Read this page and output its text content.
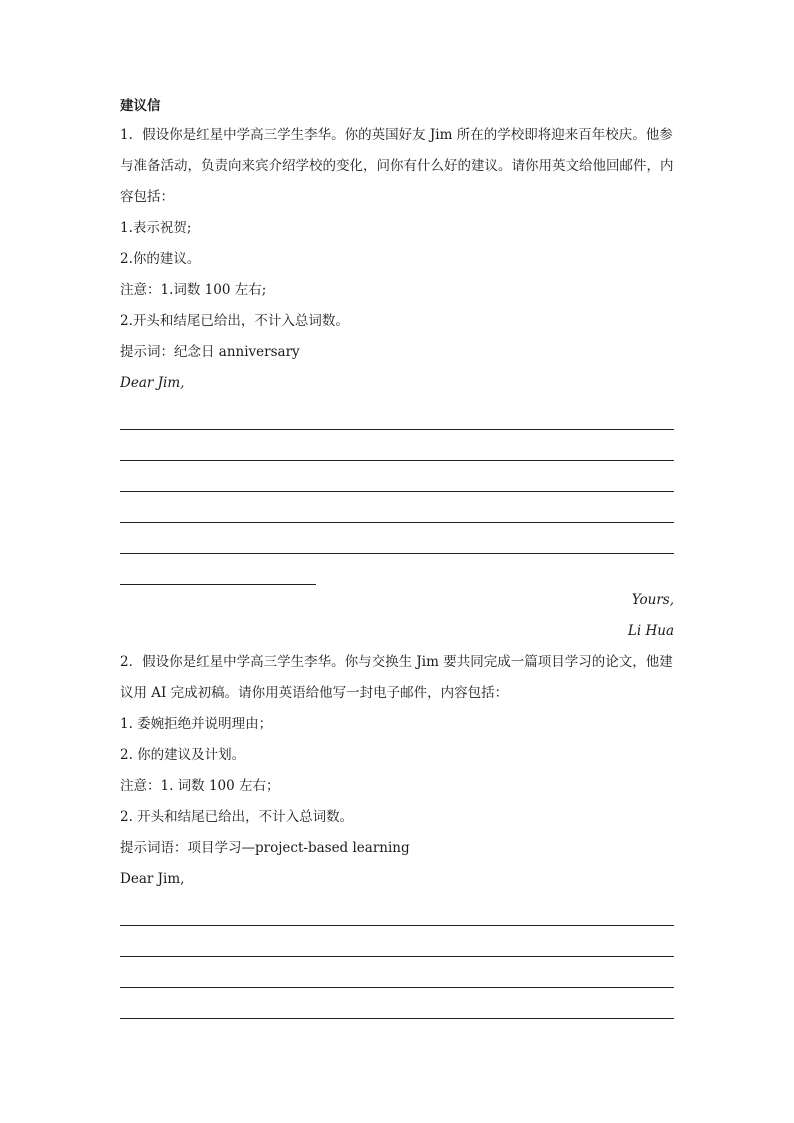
建议信
1．假设你是红星中学高三学生李华。你的英国好友 Jim 所在的学校即将迎来百年校庆。他参与准备活动，负责向来宾介绍学校的变化，问你有什么好的建议。请你用英文给他回邮件，内容包括：
1.表示祝贺;
2.你的建议。
注意：1.词数 100 左右;
2.开头和结尾已给出，不计入总词数。
提示词：纪念日 anniversary
Dear Jim,
Yours,
Li Hua
2．假设你是红星中学高三学生李华。你与交换生 Jim 要共同完成一篇项目学习的论文，他建议用 AI 完成初稿。请你用英语给他写一封电子邮件，内容包括：
1. 委婉拒绝并说明理由；
2. 你的建议及计划。
注意：1. 词数 100 左右；
2. 开头和结尾已给出，不计入总词数。
提示词语：项目学习—project-based learning
Dear Jim,
